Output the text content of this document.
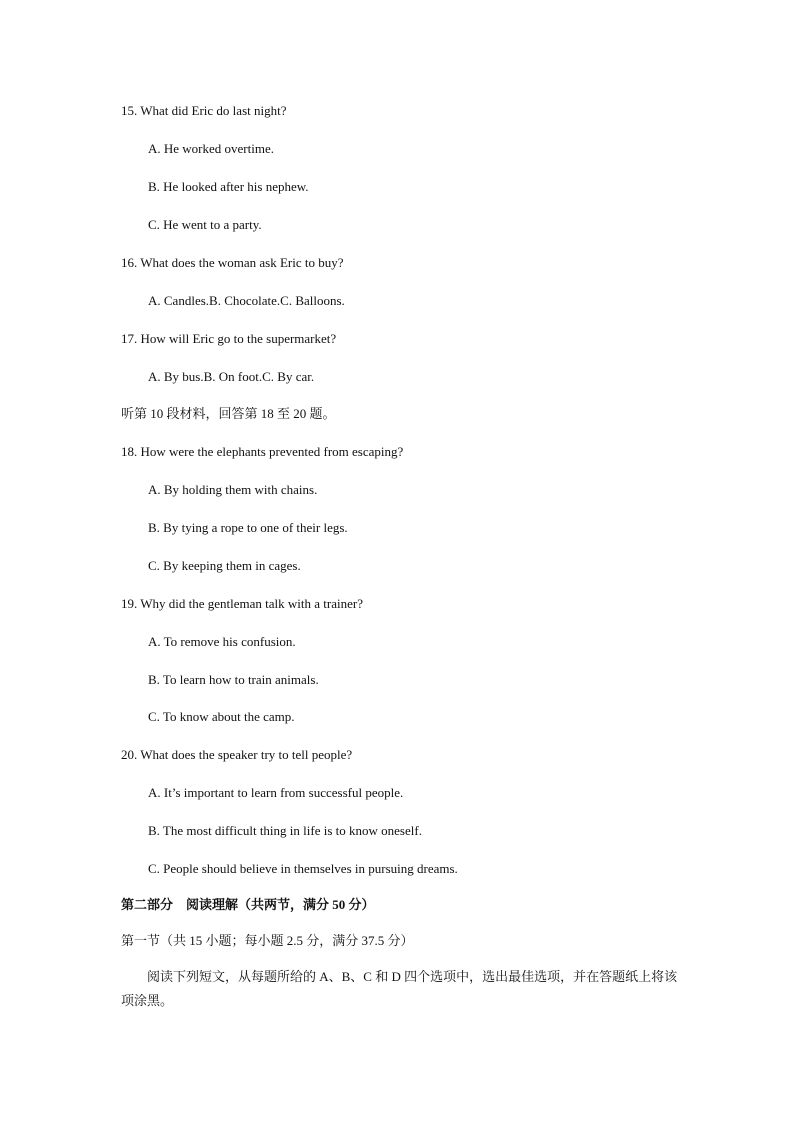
15. What did Eric do last night?
A. He worked overtime.
B. He looked after his nephew.
C. He went to a party.
16. What does the woman ask Eric to buy?
A. Candles.B. Chocolate.C. Balloons.
17. How will Eric go to the supermarket?
A. By bus.B. On foot.C. By car.
听第 10 段材料，回答第 18 至 20 题。
18. How were the elephants prevented from escaping?
A. By holding them with chains.
B. By tying a rope to one of their legs.
C. By keeping them in cages.
19. Why did the gentleman talk with a trainer?
A. To remove his confusion.
B. To learn how to train animals.
C. To know about the camp.
20. What does the speaker try to tell people?
A. It’s important to learn from successful people.
B. The most difficult thing in life is to know oneself.
C. People should believe in themselves in pursuing dreams.
第二部分　阅读理解（共两节，满分 50 分）
第一节（共 15 小题；每小题 2.5 分，满分 37.5 分）
阅读下列短文，从每题所给的 A、B、C 和 D 四个选项中，选出最佳选项，并在答题纸上将该项涂黑。
